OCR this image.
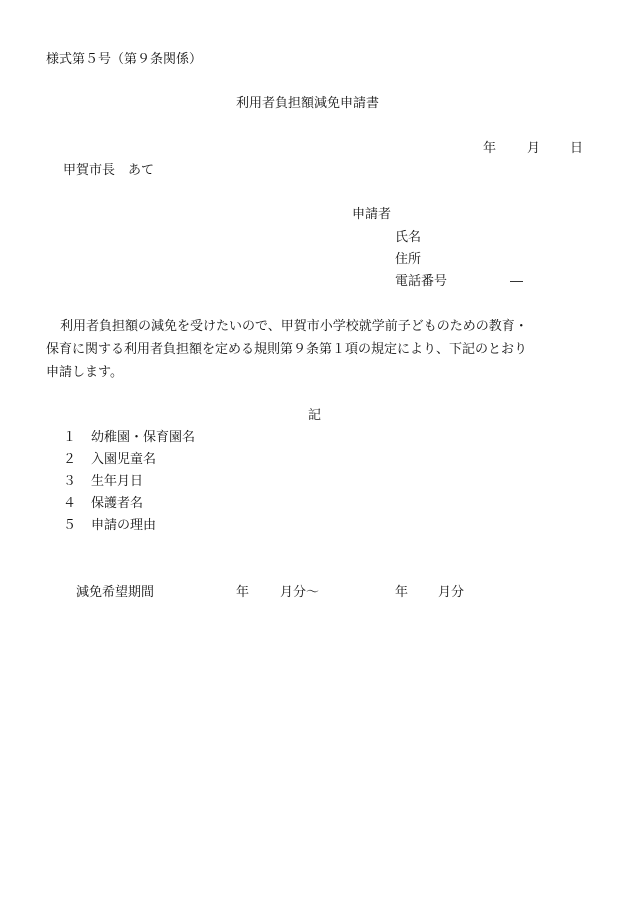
様式第５号（第９条関係）
利用者負担額減免申請書
年 月 日
甲賀市長　あて
申請者
氏名
住所
電話番号	―
利用者負担額の減免を受けたいので、甲賀市小学校就学前子どものための教育・
保育に関する利用者負担額を定める規則第９条第１項の規定により、下記のとおり
申請します。
記
１ 幼稚園・保育園名
２ 入園児童名
３ 生年月日
４ 保護者名
５ 申請の理由
減免希望期間	年 月分～	年 月分
